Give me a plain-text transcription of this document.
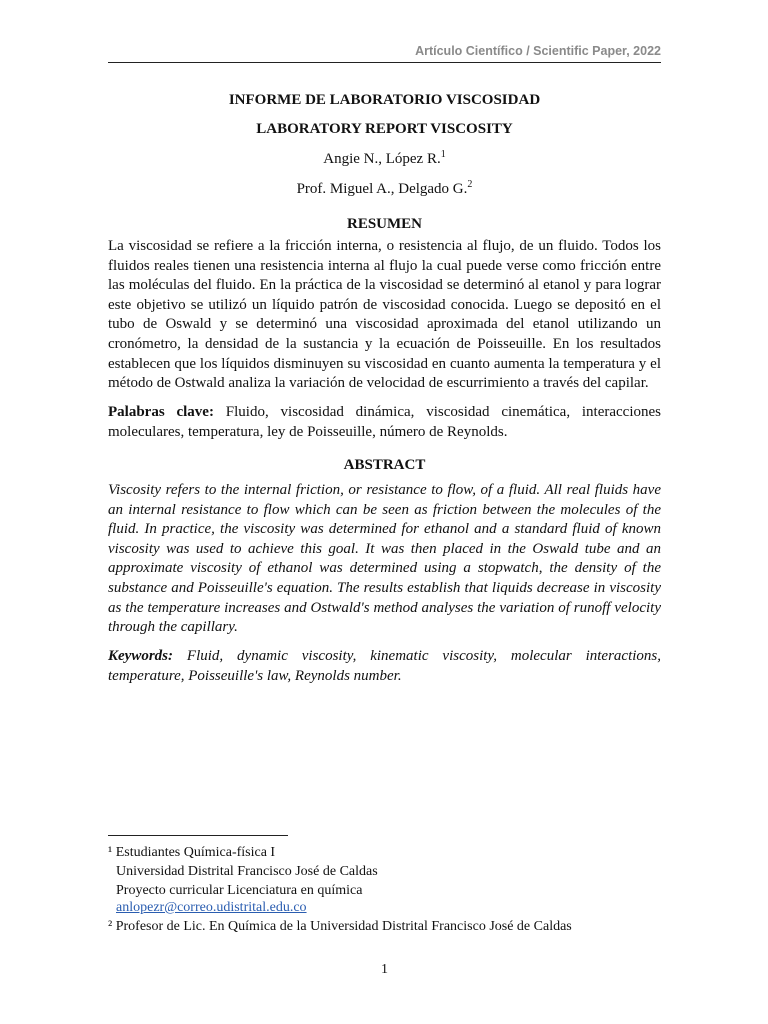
Artículo Científico / Scientific Paper, 2022
INFORME DE LABORATORIO VISCOSIDAD
LABORATORY REPORT VISCOSITY
Angie N., López R.$^1$
Prof. Miguel A., Delgado G.$^2$
RESUMEN

La viscosidad se refiere a la fricción interna, o resistencia al flujo, de un fluido. Todos los fluidos reales tienen una resistencia interna al flujo la cual puede verse como fricción entre las moléculas del fluido. En la práctica de la viscosidad se determinó al etanol y para lograr este objetivo se utilizó un líquido patrón de viscosidad conocida. Luego se depositó en el tubo de Oswald y se determinó una viscosidad aproximada del etanol utilizando un cronómetro, la densidad de la sustancia y la ecuación de Poisseuille. En los resultados establecen que los líquidos disminuyen su viscosidad en cuanto aumenta la temperatura y el método de Ostwald analiza la variación de velocidad de escurrimiento a través del capilar.

Palabras clave: Fluido, viscosidad dinámica, viscosidad cinemática, interacciones moleculares, temperatura, ley de Poisseuille, número de Reynolds.

ABSTRACT

Viscosity refers to the internal friction, or resistance to flow, of a fluid. All real fluids have an internal resistance to flow which can be seen as friction between the molecules of the fluid. In practice, the viscosity was determined for ethanol and a standard fluid of known viscosity was used to achieve this goal. It was then placed in the Oswald tube and an approximate viscosity of ethanol was determined using a stopwatch, the density of the substance and Poisseuille's equation. The results establish that liquids decrease in viscosity as the temperature increases and Ostwald's method analyses the variation of runoff velocity through the capillary.

Keywords: Fluid, dynamic viscosity, kinematic viscosity, molecular interactions, temperature, Poisseuille's law, Reynolds number.

¹ Estudiantes Química-física I
Universidad Distrital Francisco José de Caldas
Proyecto curricular Licenciatura en química
anlopezr@correo.udistrital.edu.co
² Profesor de Lic. En Química de la Universidad Distrital Francisco José de Caldas
1
